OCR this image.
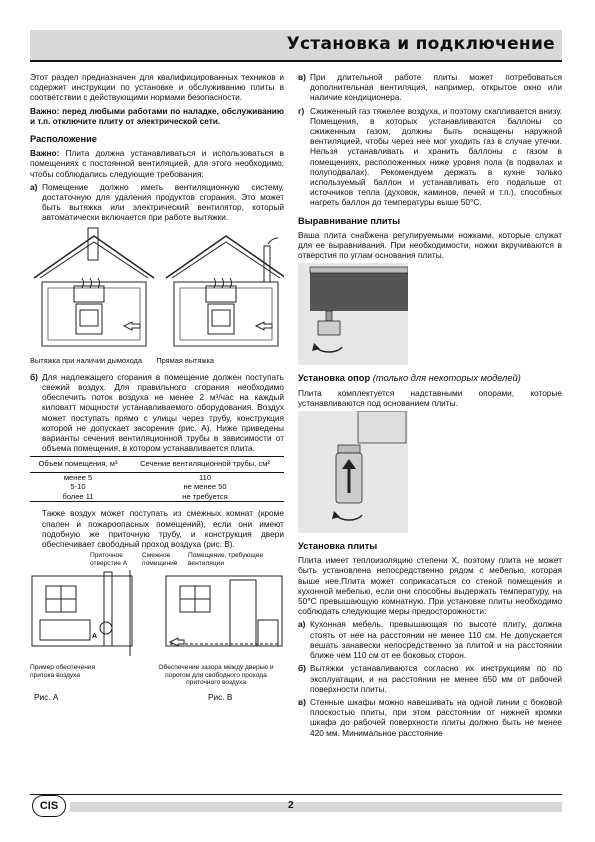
Установка и подключение

Этот раздел предназначен для квалифицированных техников и содержит инструкции по установке и обслуживанию плиты в соответствии с действующими нормами безопасности.

Важно: перед любыми работами по наладке, обслуживанию и т.п. отключите плиту от электрической сети.

Расположение

Важно: Плита должна устанавливаться и использоваться в помещениях с постоянной вентиляцией, для этого необходимо, чтобы соблюдались следующие требования:

а) Помещение должно иметь вентиляционную систему, достаточную для удаления продуктов сгорания. Это может быть вытяжка или электрический вентилятор, который автоматически включается при работе вытяжки.
Вытяжка при наличии дымохода Прямая вытяжка
б) Для надлежащего сгорания в помещение должен поступать свежий воздух. Для правильного сгорания необходимо обеспечить поток воздуха не менее 2 м³/час на каждый киловатт мощности устанавливаемого оборудования. Воздух может поступать прямо с улицы через трубу, конструкция которой не допускает засорения (рис. А). Ниже приведены варианты сечения вентиляционной трубы в зависимости от объема помещения, в котором устанавливается плита.
Объем помещения, м³	Сечение вентиляционной трубы, см²
менее 5	110
5-10	не менее 50
более 11	не требуется

Также воздух может поступать из смежных комнат (кроме спален и пожароопасных помещений), если они имеют подобную же приточную трубу, и конструкция двери обеспечивает свободный проход воздуха (рис. В).

Приточное отверстие А
Смежное помещение
Помещение, требующее вентиляции
А
Пример обеспечения притока воздуха
Обеспечение зазора между дверью и порогом для свободного прохода приточного воздуха
Рис. А	Рис. В
в) При длительной работе плиты может потребоваться дополнительная вентиляция, например, открытое окно или наличие кондиционера.
г) Сжиженный газ тяжелее воздуха, и поэтому скапливается внизу. Помещения, в которых устанавливаются баллоны со сжиженным газом, должны быть оснащены наружной вентиляцией, чтобы через нее мог уходить газ в случае утечки. Нельзя устанавливать и хранить баллоны с газом в помещениях, расположенных ниже уровня пола (в подвалах и полуподвалах). Рекомендуем держать в кухне только используемый баллон и устанавливать его подальше от источников тепла (духовок, каминов, печей и т.п.), способных нагреть баллон до температуры выше 50°C.
Выравнивание плиты

Ваша плита снабжена регулируемыми ножками, которые служат для ее выравнивания. При необходимости, ножки вкручиваются в отверстия по углам основания плиты.

Установка опор (только для некоторых моделей)

Плита комплектуется надставными опорами, которые устанавливаются под основанием плиты.

Установка плиты

Плита имеет теплоизоляцию степени X, поэтому плита не может быть установлена непосредственно рядом с мебелью, которая выше нее.Плита может соприкасаться со стеной помещения и кухонной мебелью, если они способны выдержать температуру, на 50°C превышающую комнатную. При установке плиты необходимо соблюдать следующие меры предосторожности:

а) Кухонная мебель, превышающая по высоте плиту, должна стоять от нее на расстоянии не менее 110 см. Не допускается вешать занавески непосредственно за плитой и на расстоянии ближе чем 110 см от ее боковых сторон.
б) Вытяжки устанавливаются согласно их инструкциям по по эксплуатации, и на расстоянии не менее 650 мм от рабочей поверхности плиты.
в) Стенные шкафы можно навешивать на одной линии с боковой плоскостью плиты, при этом расстоянии от нижней кромки шкафа до рабочей поверхности плиты должно быть не менее 420 мм. Минимальное расстояние
CIS	2
